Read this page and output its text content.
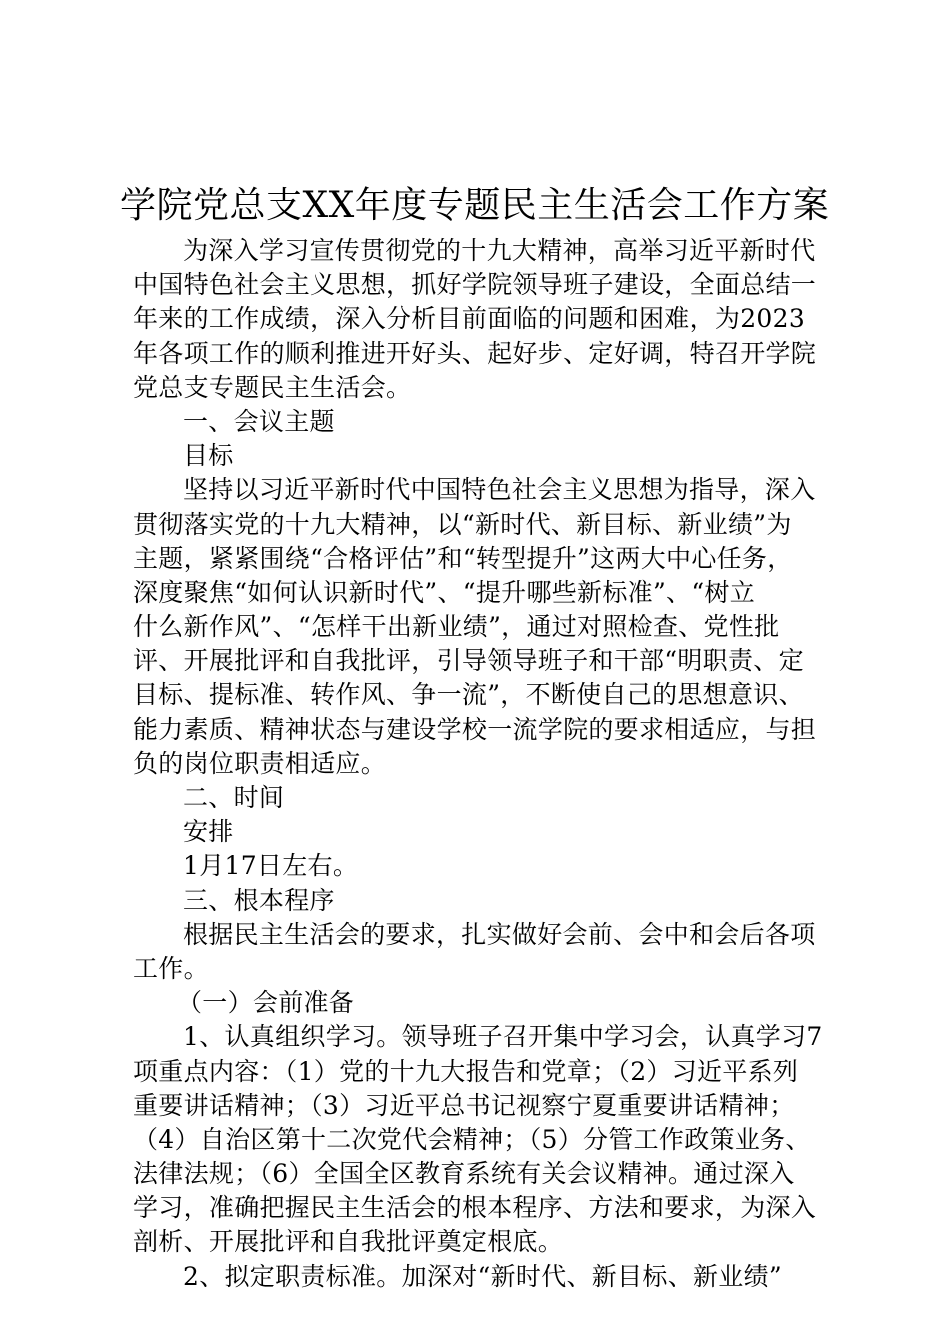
学院党总支XX年度专题民主生活会工作方案

为深入学习宣传贯彻党的十九大精神，高举习近平新时代

中国特色社会主义思想，抓好学院领导班子建设，全面总结一

年来的工作成绩，深入分析目前面临的问题和困难，为2023

年各项工作的顺利推进开好头、起好步、定好调，特召开学院

党总支专题民主生活会。

一、会议主题

目标

坚持以习近平新时代中国特色社会主义思想为指导，深入

贯彻落实党的十九大精神，以“新时代、新目标、新业绩”为

主题，紧紧围绕“合格评估”和“转型提升”这两大中心任务，

深度聚焦“如何认识新时代”、“提升哪些新标准”、“树立

什么新作风”、“怎样干出新业绩”，通过对照检查、党性批

评、开展批评和自我批评，引导领导班子和干部“明职责、定

目标、提标准、转作风、争一流”，不断使自己的思想意识、

能力素质、精神状态与建设学校一流学院的要求相适应，与担

负的岗位职责相适应。

二、时间

安排

1月17日左右。

三、根本程序

根据民主生活会的要求，扎实做好会前、会中和会后各项

工作。

（一）会前准备

1、认真组织学习。领导班子召开集中学习会，认真学习7

项重点内容：（1）党的十九大报告和党章；（2）习近平系列

重要讲话精神；（3）习近平总书记视察宁夏重要讲话精神；

（4）自治区第十二次党代会精神；（5）分管工作政策业务、

法律法规；（6）全国全区教育系统有关会议精神。通过深入

学习，准确把握民主生活会的根本程序、方法和要求，为深入

剖析、开展批评和自我批评奠定根底。

2、拟定职责标准。加深对“新时代、新目标、新业绩”
